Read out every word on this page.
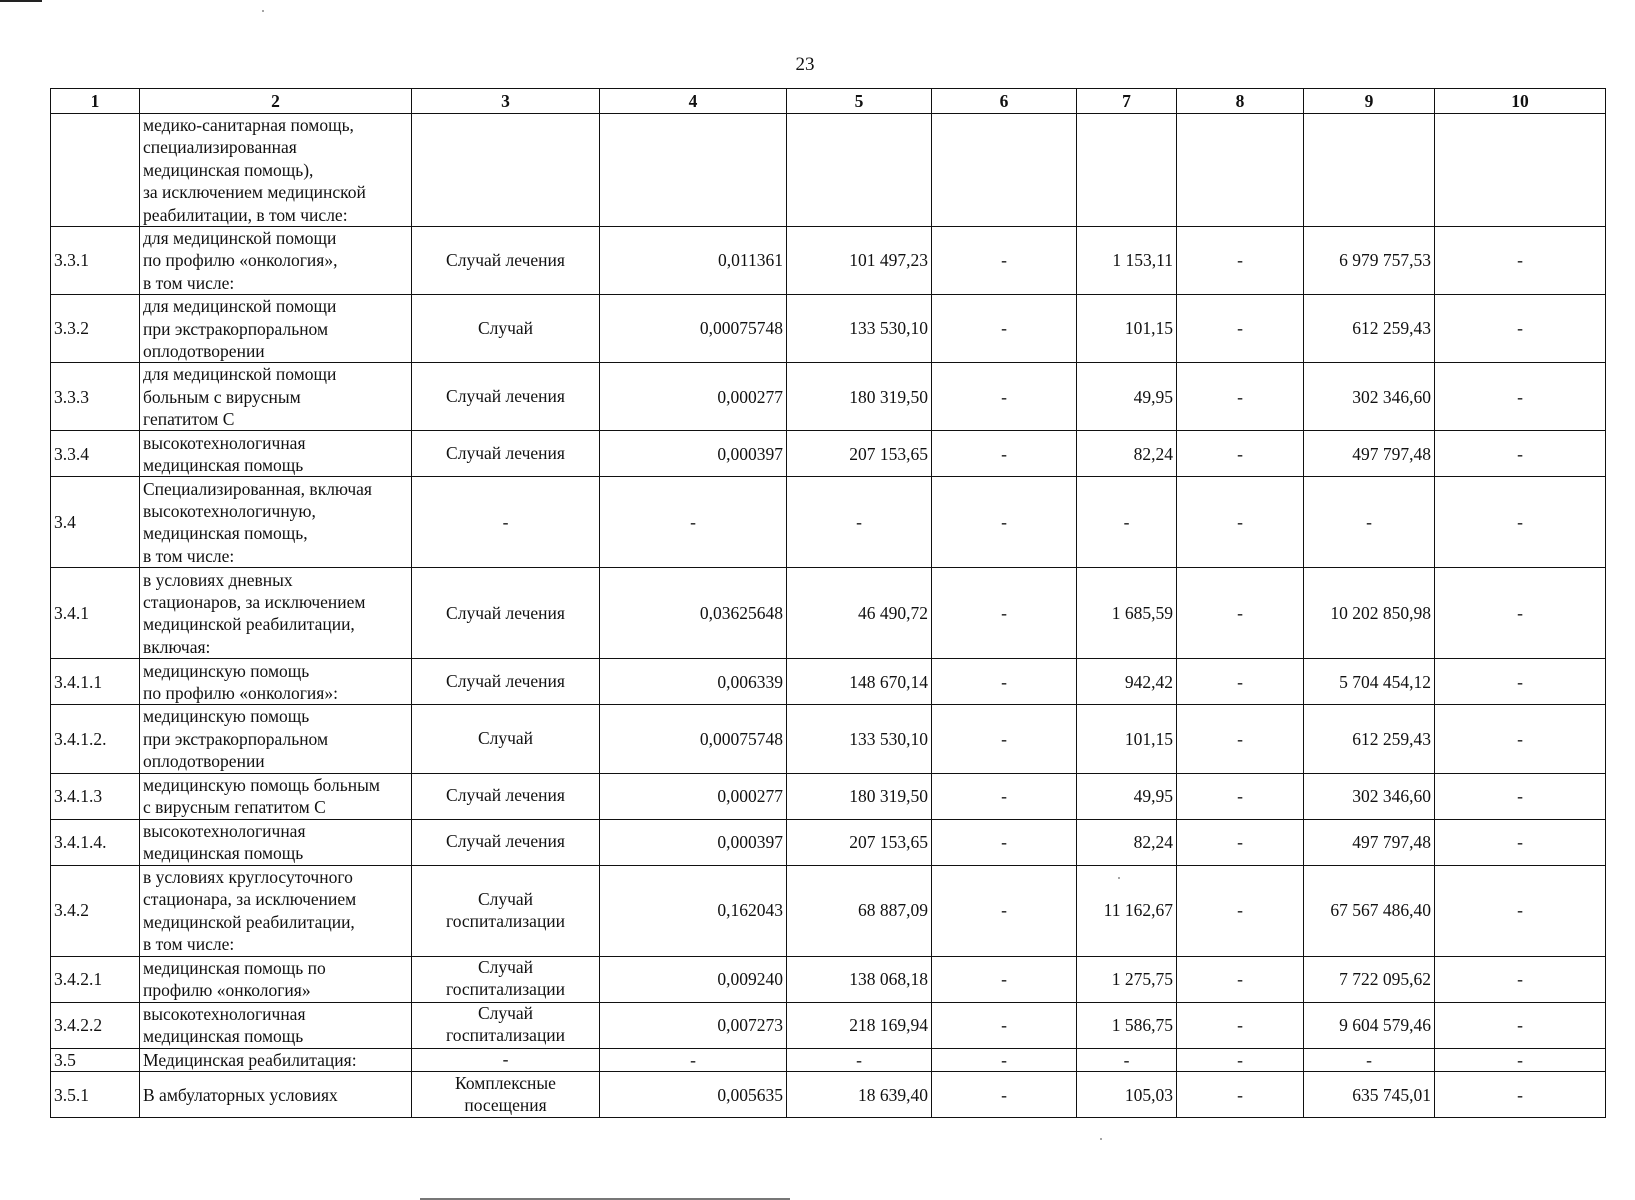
23
1	2	3	4	5	6	7	8	9	10
	медико-санитарная помощь,
специализированная
медицинская помощь),
за исключением медицинской
реабилитации, в том числе:								
3.3.1	для медицинской помощи
по профилю «онкология»,
в том числе:	Случай лечения	0,011361	101 497,23	-	1 153,11	-	6 979 757,53	-
3.3.2	для медицинской помощи
при экстракорпоральном
оплодотворении	Случай	0,00075748	133 530,10	-	101,15	-	612 259,43	-
3.3.3	для медицинской помощи
больным с вирусным
гепатитом С	Случай лечения	0,000277	180 319,50	-	49,95	-	302 346,60	-
3.3.4	высокотехнологичная
медицинская помощь	Случай лечения	0,000397	207 153,65	-	82,24	-	497 797,48	-
3.4	Специализированная, включая
высокотехнологичную,
медицинская помощь,
в том числе:	-	-	-	-	-	-	-	-
3.4.1	в условиях дневных
стационаров, за исключением
медицинской реабилитации,
включая:	Случай лечения	0,03625648	46 490,72	-	1 685,59	-	10 202 850,98	-
3.4.1.1	медицинскую помощь
по профилю «онкология»:	Случай лечения	0,006339	148 670,14	-	942,42	-	5 704 454,12	-
3.4.1.2.	медицинскую помощь
при экстракорпоральном
оплодотворении	Случай	0,00075748	133 530,10	-	101,15	-	612 259,43	-
3.4.1.3	медицинскую помощь больным
с вирусным гепатитом С	Случай лечения	0,000277	180 319,50	-	49,95	-	302 346,60	-
3.4.1.4.	высокотехнологичная
медицинская помощь	Случай лечения	0,000397	207 153,65	-	82,24	-	497 797,48	-
3.4.2	в условиях круглосуточного
стационара, за исключением
медицинской реабилитации,
в том числе:	Случай
госпитализации	0,162043	68 887,09	-	11 162,67	-	67 567 486,40	-
3.4.2.1	медицинская помощь по
профилю «онкология»	Случай
госпитализации	0,009240	138 068,18	-	1 275,75	-	7 722 095,62	-
3.4.2.2	высокотехнологичная
медицинская помощь	Случай
госпитализации	0,007273	218 169,94	-	1 586,75	-	9 604 579,46	-
3.5	Медицинская реабилитация:	-	-	-	-	-	-	-	-
3.5.1	В амбулаторных условиях	Комплексные
посещения	0,005635	18 639,40	-	105,03	-	635 745,01	-
